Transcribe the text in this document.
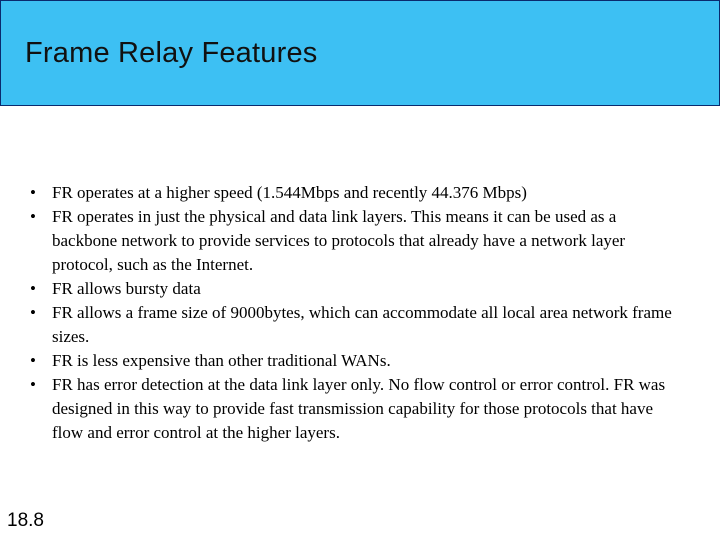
Frame Relay Features
• FR operates at a higher speed (1.544Mbps and recently 44.376 Mbps)
• FR operates in just the physical and data link layers. This means it can be used as a backbone network to provide services to protocols that already have a network layer protocol, such as the Internet.
• FR allows bursty data
• FR allows a frame size of 9000bytes, which can accommodate all local area network frame sizes.
• FR is less expensive than other traditional WANs.
• FR has error detection at the data link layer only. No flow control or error control. FR was designed in this way to provide fast transmission capability for those protocols that have flow and error control at the higher layers.
18.8
